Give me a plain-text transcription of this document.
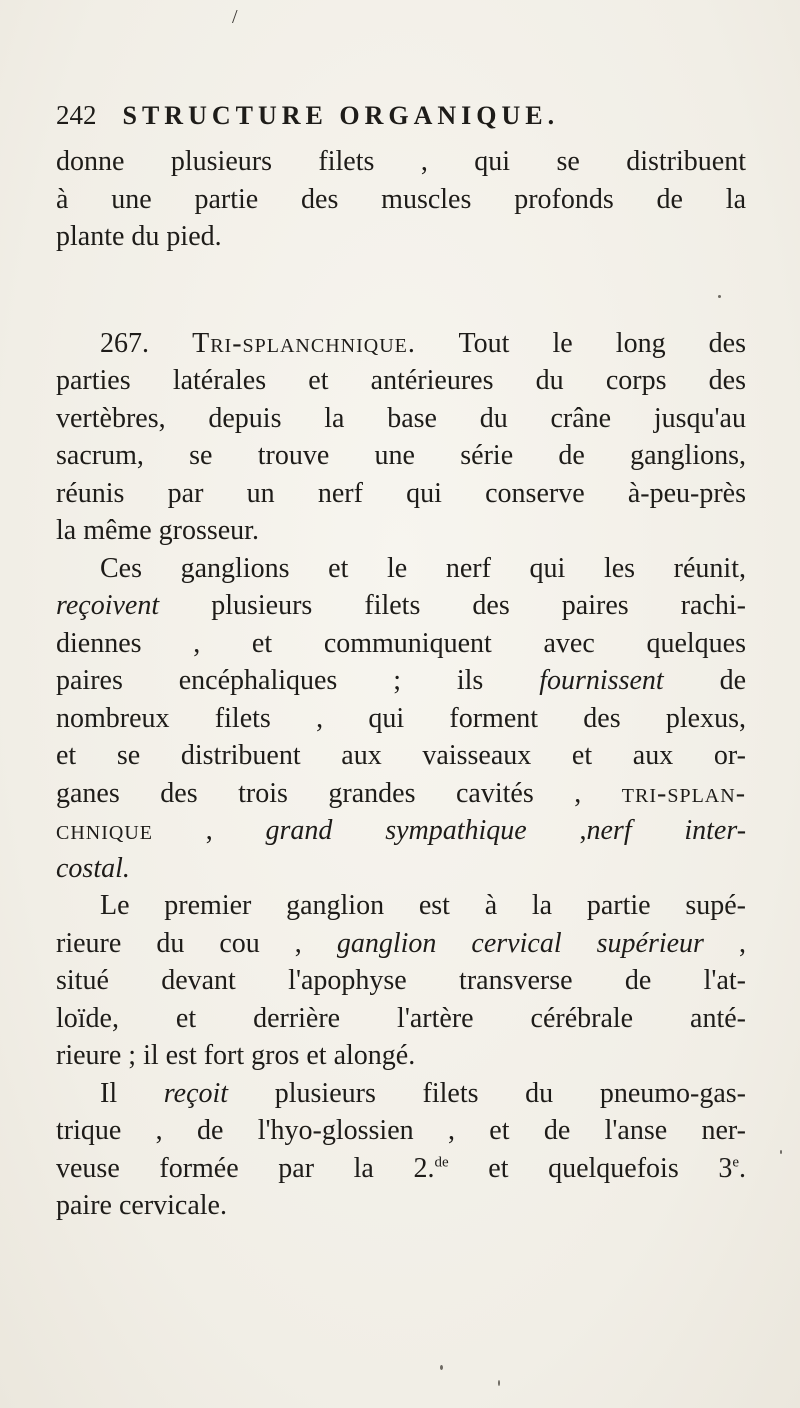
/
242 STRUCTURE ORGANIQUE.
donne plusieurs filets , qui se distribuent
à une partie des muscles profonds de la
plante du pied.
267. Tri-splanchnique. Tout le long des
parties latérales et antérieures du corps des
vertèbres, depuis la base du crâne jusqu'au
sacrum, se trouve une série de ganglions,
réunis par un nerf qui conserve à-peu-près
la même grosseur.
Ces ganglions et le nerf qui les réunit,
reçoivent plusieurs filets des paires rachi-
diennes , et communiquent avec quelques
paires encéphaliques ; ils fournissent de
nombreux filets , qui forment des plexus,
et se distribuent aux vaisseaux et aux or-
ganes des trois grandes cavités , tri-splan-
chnique , grand sympathique ,nerf inter-
costal.
Le premier ganglion est à la partie supé-
rieure du cou , ganglion cervical supérieur ,
situé devant l'apophyse transverse de l'at-
loïde, et derrière l'artère cérébrale anté-
rieure ; il est fort gros et alongé.
Il reçoit plusieurs filets du pneumo-gas-
trique , de l'hyo-glossien , et de l'anse ner-
veuse formée par la 2.$^{de}$ et quelquefois 3e.
paire cervicale.
